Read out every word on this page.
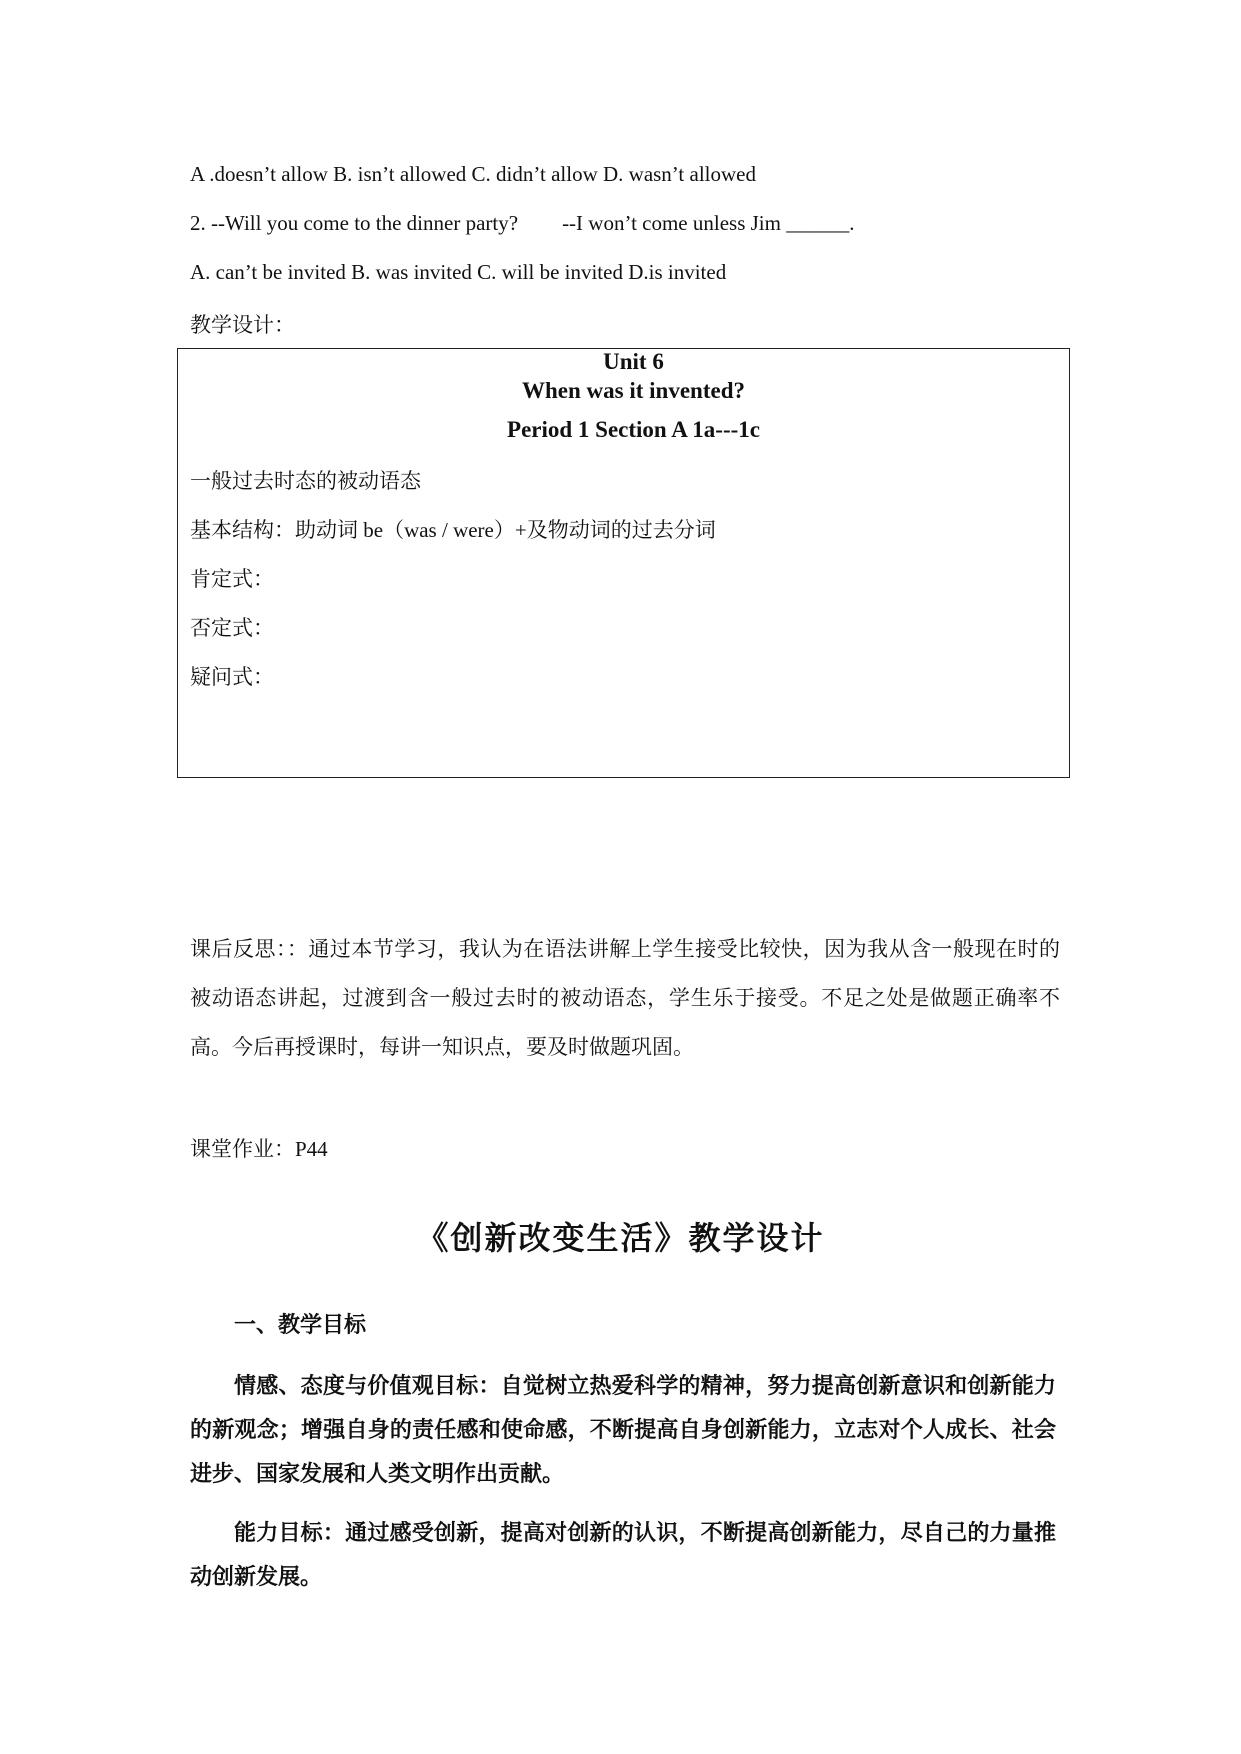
A .doesn’t allow B. isn’t allowed C. didn’t allow D. wasn’t allowed
2. --Will you come to the dinner party? --I won’t come unless Jim ______.
A. can’t be invited B. was invited C. will be invited D.is invited
教学设计：
Unit 6
When was it invented?
Period 1 Section A 1a---1c
一般过去时态的被动语态
基本结构：助动词 be（was / were）+及物动词的过去分词
肯定式：
否定式：
疑问式：
课后反思：：通过本节学习，我认为在语法讲解上学生接受比较快，因为我从含一般现在时的被动语态讲起，过渡到含一般过去时的被动语态，学生乐于接受。不足之处是做题正确率不高。今后再授课时，每讲一知识点，要及时做题巩固。
课堂作业：P44
《创新改变生活》教学设计
一、教学目标
情感、态度与价值观目标：自觉树立热爱科学的精神，努力提高创新意识和创新能力的新观念；增强自身的责任感和使命感，不断提高自身创新能力，立志对个人成长、社会进步、国家发展和人类文明作出贡献。
能力目标：通过感受创新，提高对创新的认识，不断提高创新能力，尽自己的力量推动创新发展。
